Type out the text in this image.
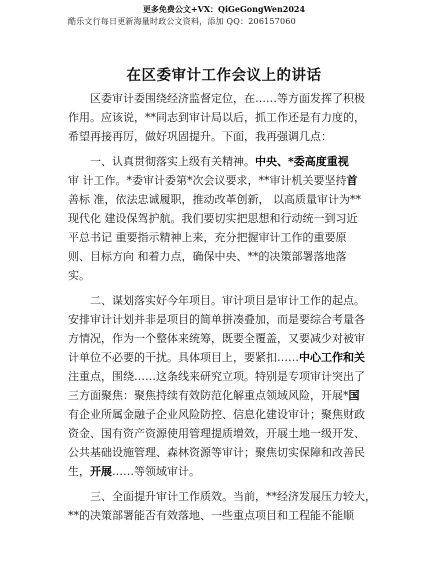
更多免费公文+VX：QiGeGongWen2024
酷乐文行每日更新海量时政公文资料，添加 QQ：206157060
在区委审计工作会议上的讲话
区委审计委围绕经济监督定位，在……等方面发挥了积极
作用。应该说，**同志到审计局以后，抓工作还是有力度的，
希望再接再厉，做好巩固提升。下面，我再强调几点：
一、认真贯彻落实上级有关精神。中央、*委高度重视
审 计工作。*委审计委第*次会议要求，**审计机关要坚持首
善标 准，依法忠诚履职，推动改革创新， 以高质量审计为**
现代化 建设保驾护航。我们要切实把思想和行动统一到习近
平总书记 重要指示精神上来，充分把握审计工作的重要原
则、目标方向 和着力点，确保中央、**的决策部署落地落
实。
二、谋划落实好今年项目。审计项目是审计工作的起点。
安排审计计划并非是项目的简单拼凑叠加，而是要综合考量各
方情况，作为一个整体来统筹，既要全覆盖，又要减少对被审
计单位不必要的干扰。具体项目上，要紧扣……中心工作和关
注重点，围绕……这条线来研究立项。特别是专项审计突出了
三方面聚焦：聚焦持续有效防范化解重点领域风险，开展*国
有企业所属金融子企业风险防控、信息化建设审计；聚焦财政
资金、国有资产资源使用管理提质增效，开展土地一级开发、
公共基础设施管理、森林资源等审计；聚焦切实保障和改善民
生，开展……等领域审计。
三、全面提升审计工作质效。当前，**经济发展压力较大，
**的决策部署能否有效落地、一些重点项目和工程能不能顺
